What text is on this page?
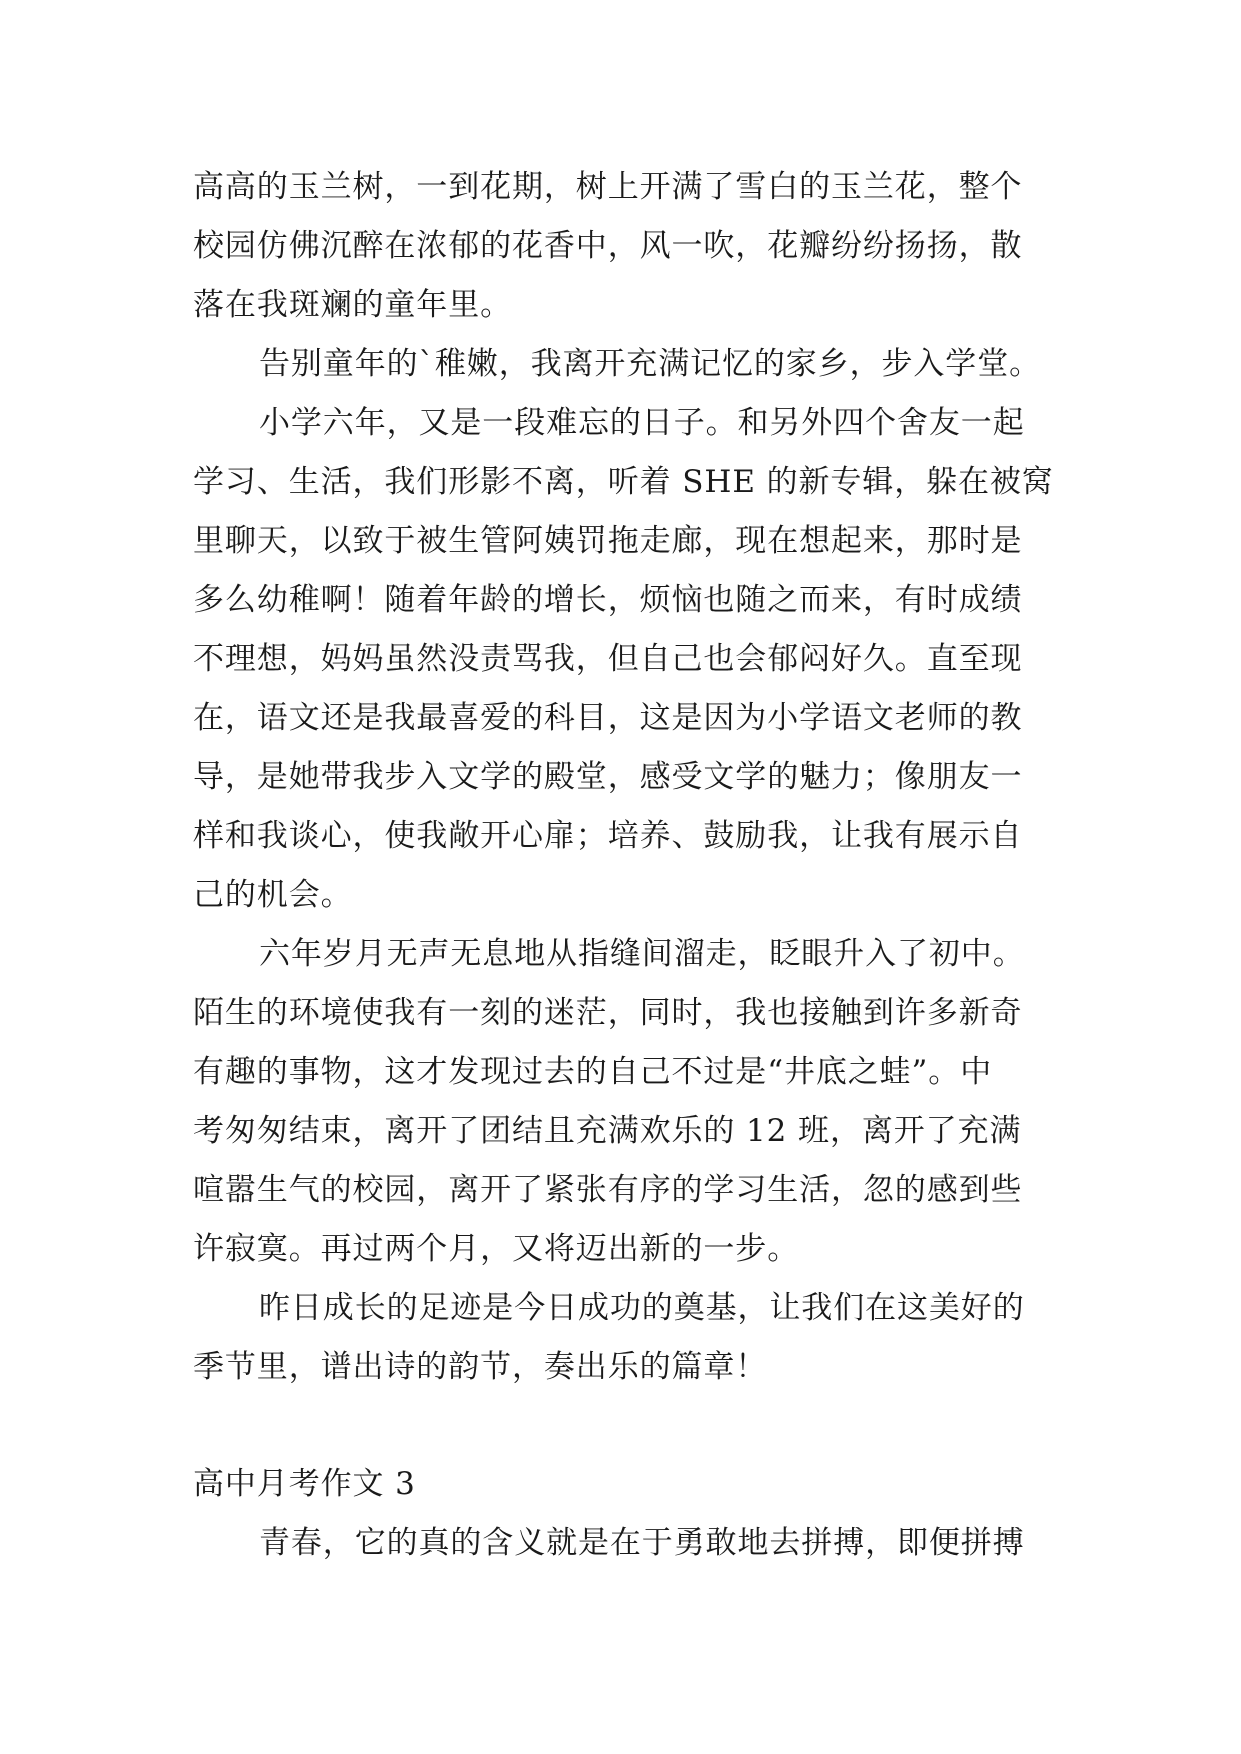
高高的玉兰树，一到花期，树上开满了雪白的玉兰花，整个
校园仿佛沉醉在浓郁的花香中，风一吹，花瓣纷纷扬扬，散
落在我斑斓的童年里。
告别童年的`稚嫩，我离开充满记忆的家乡，步入学堂。
小学六年，又是一段难忘的日子。和另外四个舍友一起
学习、生活，我们形影不离，听着 SHE 的新专辑，躲在被窝
里聊天，以致于被生管阿姨罚拖走廊，现在想起来，那时是
多么幼稚啊！随着年龄的增长，烦恼也随之而来，有时成绩
不理想，妈妈虽然没责骂我，但自己也会郁闷好久。直至现
在，语文还是我最喜爱的科目，这是因为小学语文老师的教
导，是她带我步入文学的殿堂，感受文学的魅力；像朋友一
样和我谈心，使我敞开心扉；培养、鼓励我，让我有展示自
己的机会。
六年岁月无声无息地从指缝间溜走，眨眼升入了初中。
陌生的环境使我有一刻的迷茫，同时，我也接触到许多新奇
有趣的事物，这才发现过去的自己不过是“井底之蛙”。中
考匆匆结束，离开了团结且充满欢乐的 12 班，离开了充满
喧嚣生气的校园，离开了紧张有序的学习生活，忽的感到些
许寂寞。再过两个月，又将迈出新的一步。
昨日成长的足迹是今日成功的奠基，让我们在这美好的
季节里，谱出诗的韵节，奏出乐的篇章！
高中月考作文 3
青春，它的真的含义就是在于勇敢地去拼搏，即便拼搏
